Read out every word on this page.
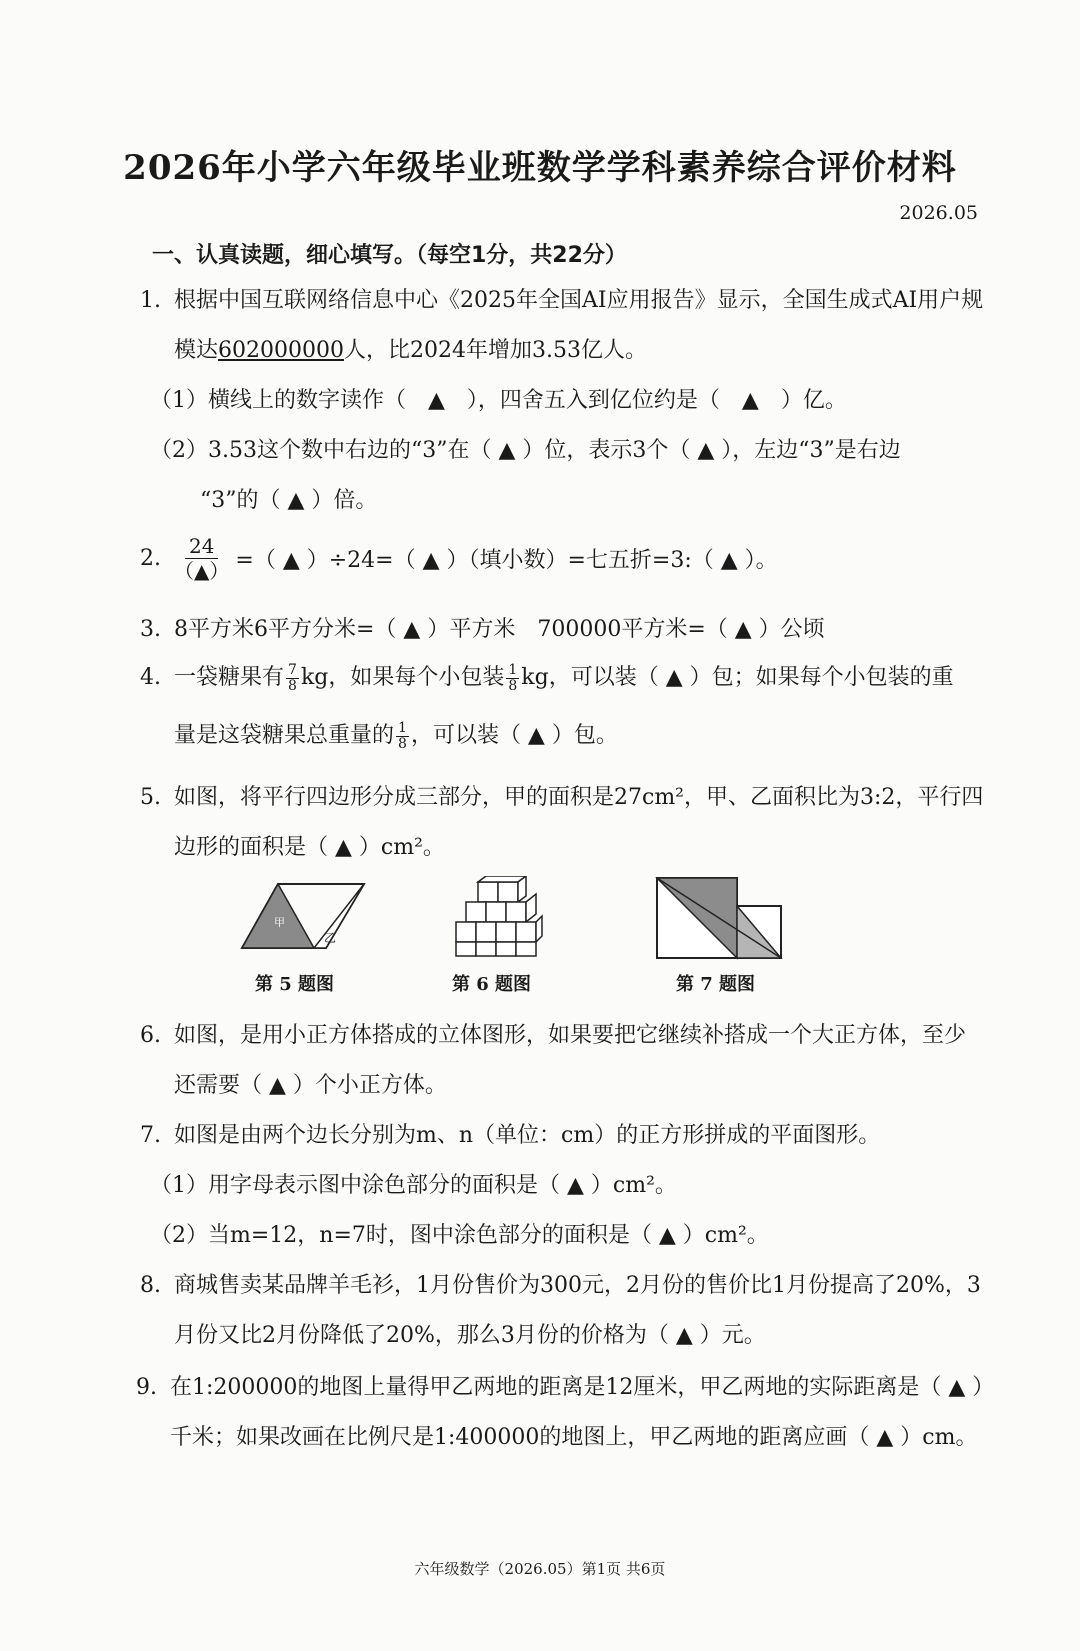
2026年小学六年级毕业班数学学科素养综合评价材料
2026.05
一、认真读题，细心填写。（每空1分，共22分）
1. 根据中国互联网络信息中心《2025年全国AI应用报告》显示，全国生成式AI用户规
模达602000000人，比2024年增加3.53亿人。
（1）横线上的数字读作（　▲　），四舍五入到亿位约是（　▲　）亿。
（2）3.53这个数中右边的“3”在（ ▲ ）位，表示3个（ ▲ ），左边“3”是右边
“3”的（ ▲ ）倍。
2. 24
（▲） =（ ▲ ）÷24=（ ▲ ）（填小数）=七五折=3:（ ▲ ）。
3. 8平方米6平方分米=（ ▲ ）平方米　700000平方米=（ ▲ ）公顷
4. 一袋糖果有 $\frac{7}{8}$ kg，如果每个小包装 $\frac{1}{8}$ kg，可以装（ ▲ ）包；如果每个小包装的重
量是这袋糖果总重量的 $\frac{1}{8}$ ，可以装（ ▲ ）包。
5. 如图，将平行四边形分成三部分，甲的面积是27cm²，甲、乙面积比为3:2，平行四
边形的面积是（ ▲ ）cm²。
甲
乙
第 5 题图	第 6 题图	第 7 题图
6. 如图，是用小正方体搭成的立体图形，如果要把它继续补搭成一个大正方体，至少
还需要（ ▲ ）个小正方体。
7. 如图是由两个边长分别为m、n（单位：cm）的正方形拼成的平面图形。
（1）用字母表示图中涂色部分的面积是（ ▲ ）cm²。
（2）当m=12，n=7时，图中涂色部分的面积是（ ▲ ）cm²。
8. 商城售卖某品牌羊毛衫，1月份售价为300元，2月份的售价比1月份提高了20%，3
月份又比2月份降低了20%，那么3月份的价格为（ ▲ ）元。
9. 在1:200000的地图上量得甲乙两地的距离是12厘米，甲乙两地的实际距离是（ ▲ ）
千米；如果改画在比例尺是1:400000的地图上，甲乙两地的距离应画（ ▲ ）cm。
六年级数学（2026.05）第1页 共6页
